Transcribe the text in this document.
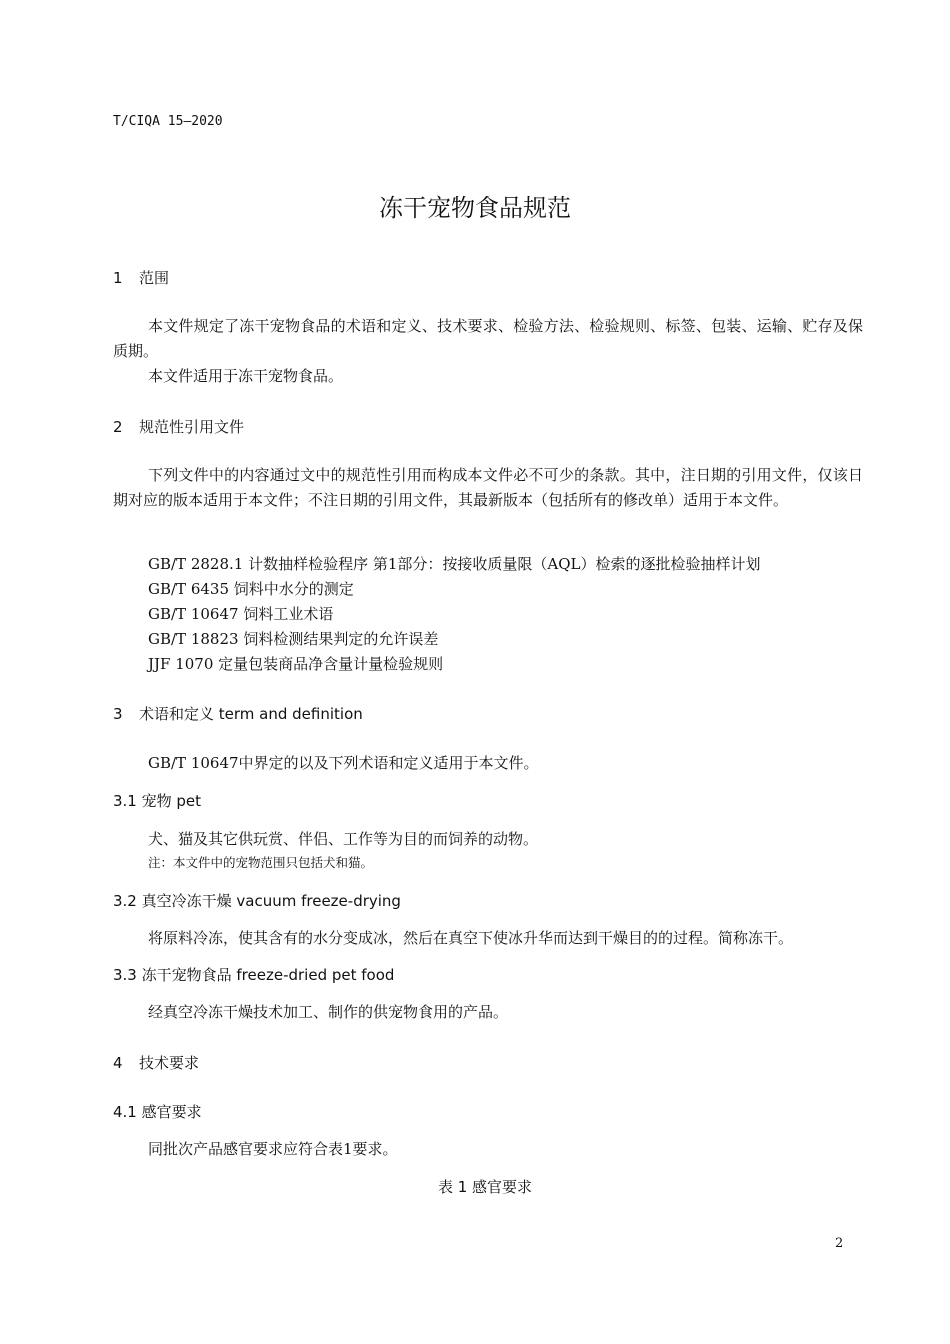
T/CIQA 15—2020
冻干宠物食品规范
1 范围
本文件规定了冻干宠物食品的术语和定义、技术要求、检验方法、检验规则、标签、包装、运输、贮存及保质期。
本文件适用于冻干宠物食品。
2 规范性引用文件
下列文件中的内容通过文中的规范性引用而构成本文件必不可少的条款。其中，注日期的引用文件，仅该日期对应的版本适用于本文件；不注日期的引用文件，其最新版本（包括所有的修改单）适用于本文件。
GB/T 2828.1 计数抽样检验程序 第1部分：按接收质量限（AQL）检索的逐批检验抽样计划
GB/T 6435 饲料中水分的测定
GB/T 10647 饲料工业术语
GB/T 18823 饲料检测结果判定的允许误差
JJF 1070 定量包装商品净含量计量检验规则
3 术语和定义 term and definition
GB/T 10647中界定的以及下列术语和定义适用于本文件。
3.1 宠物 pet
犬、猫及其它供玩赏、伴侣、工作等为目的而饲养的动物。
注：本文件中的宠物范围只包括犬和猫。
3.2 真空冷冻干燥 vacuum freeze-drying
将原料冷冻，使其含有的水分变成冰，然后在真空下使冰升华而达到干燥目的的过程。简称冻干。
3.3 冻干宠物食品 freeze-dried pet food
经真空冷冻干燥技术加工、制作的供宠物食用的产品。
4 技术要求
4.1 感官要求
同批次产品感官要求应符合表1要求。
表 1 感官要求
2
